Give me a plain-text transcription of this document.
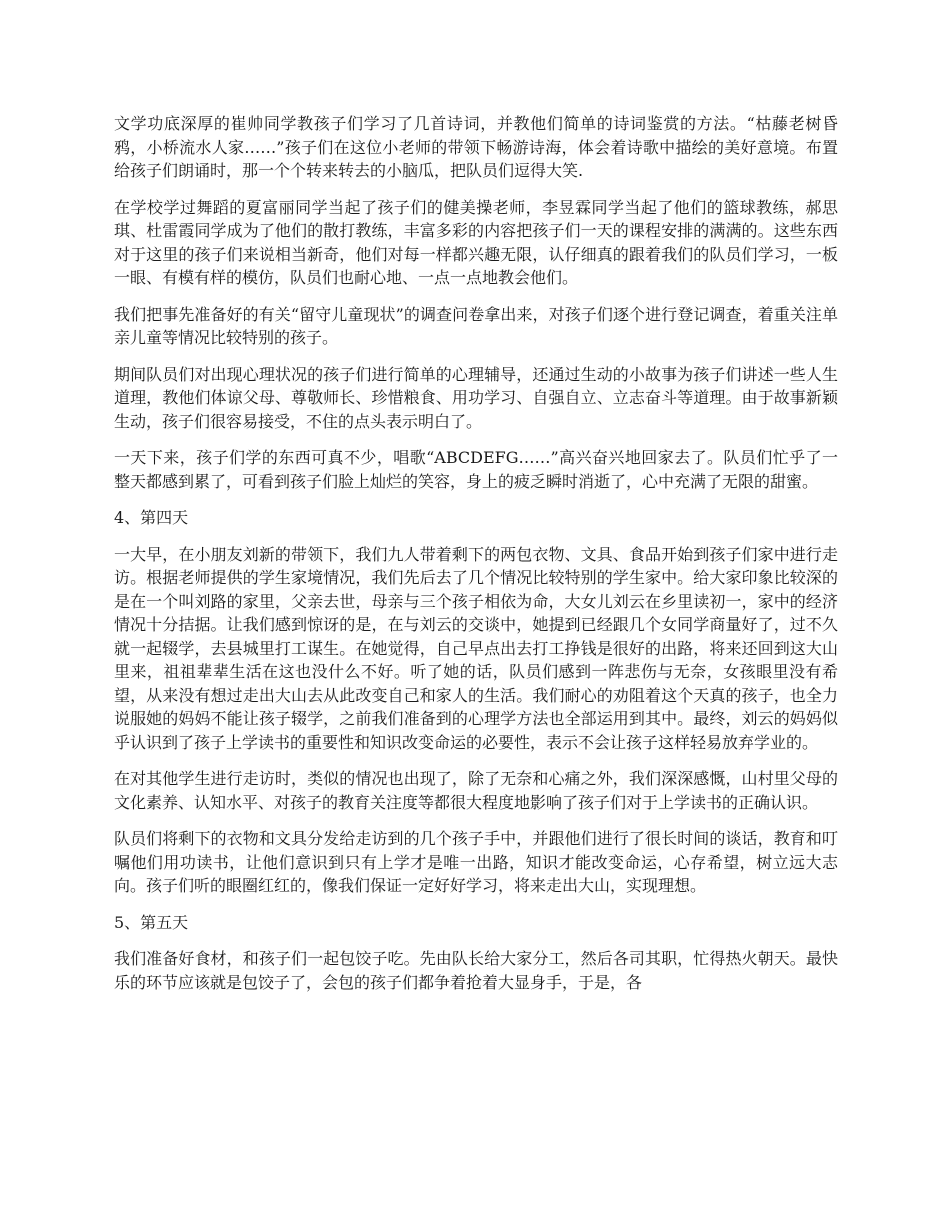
文学功底深厚的崔帅同学教孩子们学习了几首诗词，并教他们简单的诗词鉴赏的方法。“枯藤老树昏鸦，小桥流水人家……”孩子们在这位小老师的带领下畅游诗海，体会着诗歌中描绘的美好意境。布置给孩子们朗诵时，那一个个转来转去的小脑瓜，把队员们逗得大笑.

在学校学过舞蹈的夏富丽同学当起了孩子们的健美操老师，李昱霖同学当起了他们的篮球教练，郝思琪、杜雷霞同学成为了他们的散打教练，丰富多彩的内容把孩子们一天的课程安排的满满的。这些东西对于这里的孩子们来说相当新奇，他们对每一样都兴趣无限，认仔细真的跟着我们的队员们学习，一板一眼、有模有样的模仿，队员们也耐心地、一点一点地教会他们。

我们把事先准备好的有关“留守儿童现状”的调查问卷拿出来，对孩子们逐个进行登记调查，着重关注单亲儿童等情况比较特别的孩子。

期间队员们对出现心理状况的孩子们进行简单的心理辅导，还通过生动的小故事为孩子们讲述一些人生道理，教他们体谅父母、尊敬师长、珍惜粮食、用功学习、自强自立、立志奋斗等道理。由于故事新颖生动，孩子们很容易接受，不住的点头表示明白了。

一天下来，孩子们学的东西可真不少，唱歌“ABCDEFG……”高兴奋兴地回家去了。队员们忙乎了一整天都感到累了，可看到孩子们脸上灿烂的笑容，身上的疲乏瞬时消逝了，心中充满了无限的甜蜜。

4、第四天

一大早，在小朋友刘新的带领下，我们九人带着剩下的两包衣物、文具、食品开始到孩子们家中进行走访。根据老师提供的学生家境情况，我们先后去了几个情况比较特别的学生家中。给大家印象比较深的是在一个叫刘路的家里，父亲去世，母亲与三个孩子相依为命，大女儿刘云在乡里读初一，家中的经济情况十分拮据。让我们感到惊讶的是，在与刘云的交谈中，她提到已经跟几个女同学商量好了，过不久就一起辍学，去县城里打工谋生。在她觉得，自己早点出去打工挣钱是很好的出路，将来还回到这大山里来，祖祖辈辈生活在这也没什么不好。听了她的话，队员们感到一阵悲伤与无奈，女孩眼里没有希望，从来没有想过走出大山去从此改变自己和家人的生活。我们耐心的劝阻着这个天真的孩子，也全力说服她的妈妈不能让孩子辍学，之前我们准备到的心理学方法也全部运用到其中。最终，刘云的妈妈似乎认识到了孩子上学读书的重要性和知识改变命运的必要性，表示不会让孩子这样轻易放弃学业的。

在对其他学生进行走访时，类似的情况也出现了，除了无奈和心痛之外，我们深深感慨，山村里父母的文化素养、认知水平、对孩子的教育关注度等都很大程度地影响了孩子们对于上学读书的正确认识。

队员们将剩下的衣物和文具分发给走访到的几个孩子手中，并跟他们进行了很长时间的谈话，教育和叮嘱他们用功读书，让他们意识到只有上学才是唯一出路，知识才能改变命运，心存希望，树立远大志向。孩子们听的眼圈红红的，像我们保证一定好好学习，将来走出大山，实现理想。

5、第五天

我们准备好食材，和孩子们一起包饺子吃。先由队长给大家分工，然后各司其职，忙得热火朝天。最快乐的环节应该就是包饺子了，会包的孩子们都争着抢着大显身手，于是，各
